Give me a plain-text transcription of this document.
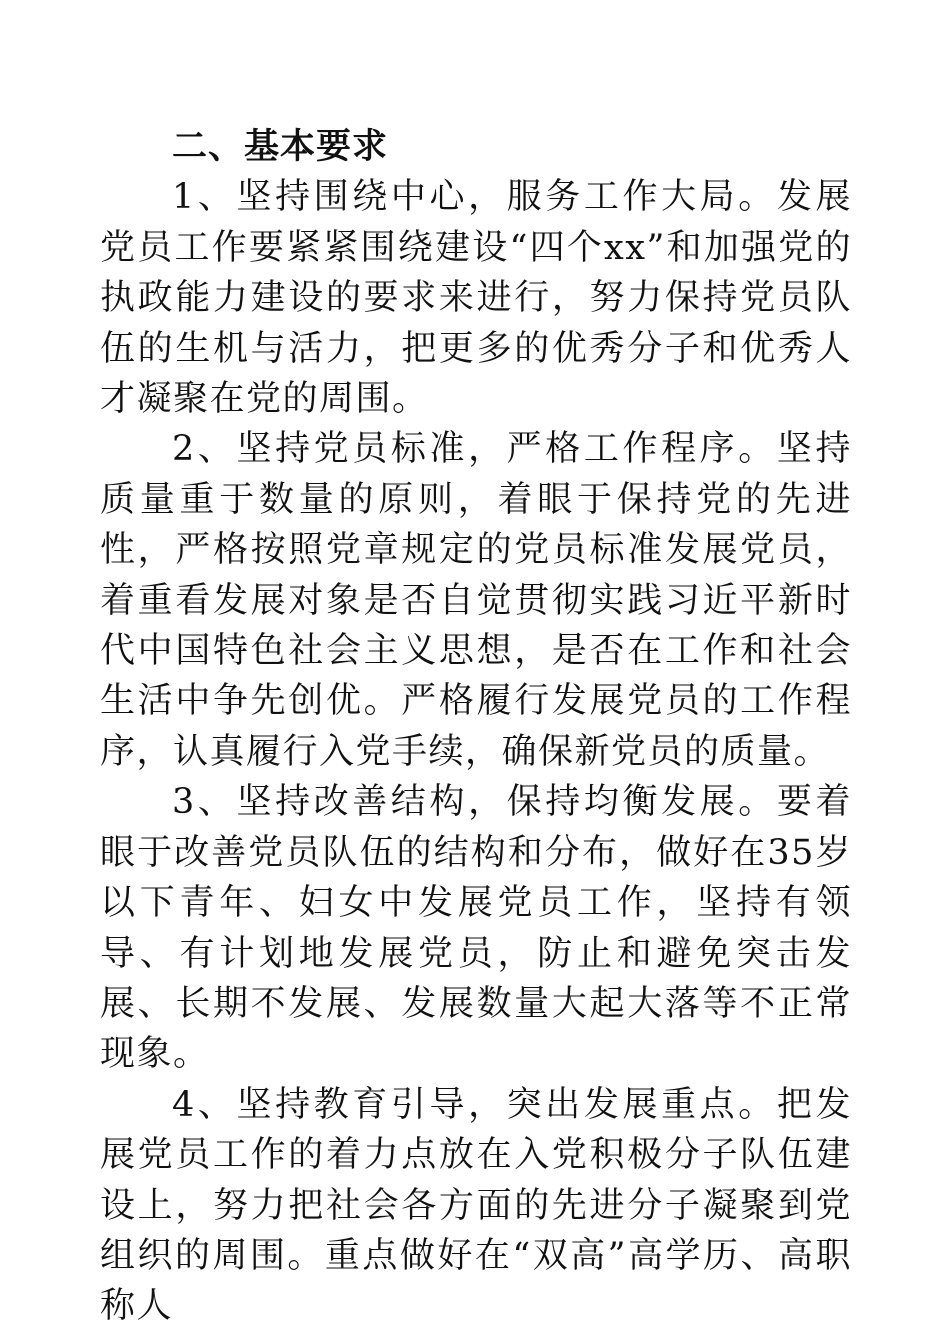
二、基本要求

1、坚持围绕中心，服务工作大局。发展党员工作要紧紧围绕建设“四个xx”和加强党的执政能力建设的要求来进行，努力保持党员队伍的生机与活力，把更多的优秀分子和优秀人才凝聚在党的周围。

2、坚持党员标准，严格工作程序。坚持质量重于数量的原则，着眼于保持党的先进性，严格按照党章规定的党员标准发展党员，着重看发展对象是否自觉贯彻实践习近平新时代中国特色社会主义思想，是否在工作和社会生活中争先创优。严格履行发展党员的工作程序，认真履行入党手续，确保新党员的质量。

3、坚持改善结构，保持均衡发展。要着眼于改善党员队伍的结构和分布，做好在35岁以下青年、妇女中发展党员工作，坚持有领导、有计划地发展党员，防止和避免突击发展、长期不发展、发展数量大起大落等不正常现象。

4、坚持教育引导，突出发展重点。把发展党员工作的着力点放在入党积极分子队伍建设上，努力把社会各方面的先进分子凝聚到党组织的周围。重点做好在“双高”高学历、高职称人
